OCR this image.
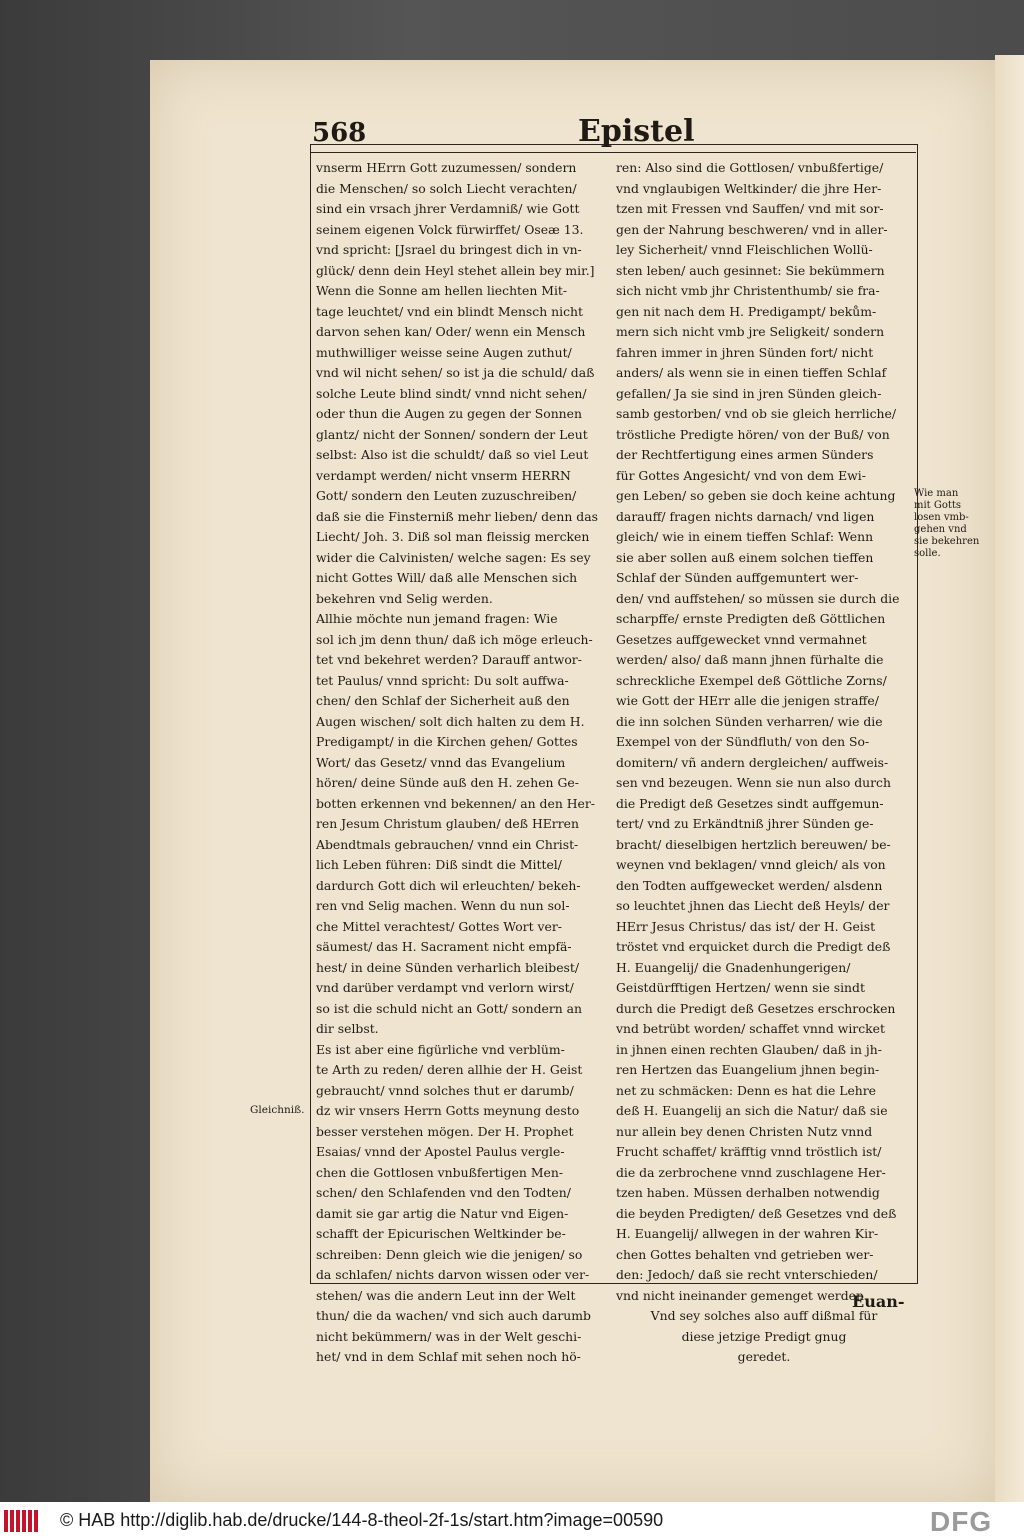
568	Epistel

vnserm HErrn Gott zuzumessen/ sondern

die Menschen/ so solch Liecht verachten/

sind ein vrsach jhrer Verdamniß/ wie Gott

seinem eigenen Volck fürwirffet/ Oseæ 13.

vnd spricht: [Jsrael du bringest dich in vn-

glück/ denn dein Heyl stehet allein bey mir.]

Wenn die Sonne am hellen liechten Mit-

tage leuchtet/ vnd ein blindt Mensch nicht

darvon sehen kan/ Oder/ wenn ein Mensch

muthwilliger weisse seine Augen zuthut/

vnd wil nicht sehen/ so ist ja die schuld/ daß

solche Leute blind sindt/ vnnd nicht sehen/

oder thun die Augen zu gegen der Sonnen

glantz/ nicht der Sonnen/ sondern der Leut

selbst: Also ist die schuldt/ daß so viel Leut

verdampt werden/ nicht vnserm HERRN

Gott/ sondern den Leuten zuzuschreiben/

daß sie die Finsterniß mehr lieben/ denn das

Liecht/ Joh. 3. Diß sol man fleissig mercken

wider die Calvinisten/ welche sagen: Es sey

nicht Gottes Will/ daß alle Menschen sich

bekehren vnd Selig werden.

Allhie möchte nun jemand fragen: Wie

sol ich jm denn thun/ daß ich möge erleuch-

tet vnd bekehret werden? Darauff antwor-

tet Paulus/ vnnd spricht: Du solt auffwa-

chen/ den Schlaf der Sicherheit auß den

Augen wischen/ solt dich halten zu dem H.

Predigampt/ in die Kirchen gehen/ Gottes

Wort/ das Gesetz/ vnnd das Evangelium

hören/ deine Sünde auß den H. zehen Ge-

botten erkennen vnd bekennen/ an den Her-

ren Jesum Christum glauben/ deß HErren

Abendtmals gebrauchen/ vnnd ein Christ-

lich Leben führen: Diß sindt die Mittel/

dardurch Gott dich wil erleuchten/ bekeh-

ren vnd Selig machen. Wenn du nun sol-

che Mittel verachtest/ Gottes Wort ver-

säumest/ das H. Sacrament nicht empfä-

hest/ in deine Sünden verharlich bleibest/

vnd darüber verdampt vnd verlorn wirst/

so ist die schuld nicht an Gott/ sondern an

dir selbst.

Es ist aber eine figürliche vnd verblüm-

te Arth zu reden/ deren allhie der H. Geist

gebraucht/ vnnd solches thut er darumb/

dz wir vnsers Herrn Gotts meynung desto

besser verstehen mögen. Der H. Prophet

Esaias/ vnnd der Apostel Paulus vergle-

chen die Gottlosen vnbußfertigen Men-

schen/ den Schlafenden vnd den Todten/

damit sie gar artig die Natur vnd Eigen-

schafft der Epicurischen Weltkinder be-

schreiben: Denn gleich wie die jenigen/ so

da schlafen/ nichts darvon wissen oder ver-

stehen/ was die andern Leut inn der Welt

thun/ die da wachen/ vnd sich auch darumb

nicht bekümmern/ was in der Welt geschi-

het/ vnd in dem Schlaf mit sehen noch hö-

ren: Also sind die Gottlosen/ vnbußfertige/

vnd vnglaubigen Weltkinder/ die jhre Her-

tzen mit Fressen vnd Sauffen/ vnd mit sor-

gen der Nahrung beschweren/ vnd in aller-

ley Sicherheit/ vnnd Fleischlichen Wollü-

sten leben/ auch gesinnet: Sie bekümmern

sich nicht vmb jhr Christenthumb/ sie fra-

gen nit nach dem H. Predigampt/ bekům-

mern sich nicht vmb jre Seligkeit/ sondern

fahren immer in jhren Sünden fort/ nicht

anders/ als wenn sie in einen tieffen Schlaf

gefallen/ Ja sie sind in jren Sünden gleich-

samb gestorben/ vnd ob sie gleich herrliche/

tröstliche Predigte hören/ von der Buß/ von

der Rechtfertigung eines armen Sünders

für Gottes Angesicht/ vnd von dem Ewi-

gen Leben/ so geben sie doch keine achtung

darauff/ fragen nichts darnach/ vnd ligen

gleich/ wie in einem tieffen Schlaf: Wenn

sie aber sollen auß einem solchen tieffen

Schlaf der Sünden auffgemuntert wer-

den/ vnd auffstehen/ so müssen sie durch die

scharpffe/ ernste Predigten deß Göttlichen

Gesetzes auffgewecket vnnd vermahnet

werden/ also/ daß mann jhnen fürhalte die

schreckliche Exempel deß Göttliche Zorns/

wie Gott der HErr alle die jenigen straffe/

die inn solchen Sünden verharren/ wie die

Exempel von der Sündfluth/ von den So-

domitern/ vñ andern dergleichen/ auffweis-

sen vnd bezeugen. Wenn sie nun also durch

die Predigt deß Gesetzes sindt auffgemun-

tert/ vnd zu Erkändtniß jhrer Sünden ge-

bracht/ dieselbigen hertzlich bereuwen/ be-

weynen vnd beklagen/ vnnd gleich/ als von

den Todten auffgewecket werden/ alsdenn

so leuchtet jhnen das Liecht deß Heyls/ der

HErr Jesus Christus/ das ist/ der H. Geist

tröstet vnd erquicket durch die Predigt deß

H. Euangelij/ die Gnadenhungerigen/

Geistdürfftigen Hertzen/ wenn sie sindt

durch die Predigt deß Gesetzes erschrocken

vnd betrübt worden/ schaffet vnnd wircket

in jhnen einen rechten Glauben/ daß in jh-

ren Hertzen das Euangelium jhnen begin-

net zu schmäcken: Denn es hat die Lehre

deß H. Euangelij an sich die Natur/ daß sie

nur allein bey denen Christen Nutz vnnd

Frucht schaffet/ kräfftig vnnd tröstlich ist/

die da zerbrochene vnnd zuschlagene Her-

tzen haben. Müssen derhalben notwendig

die beyden Predigten/ deß Gesetzes vnd deß

H. Euangelij/ allwegen in der wahren Kir-

chen Gottes behalten vnd getrieben wer-

den: Jedoch/ daß sie recht vnterschieden/

vnd nicht ineinander gemenget werden.

Vnd sey solches also auff dißmal für

diese jetzige Predigt gnug

geredet.

Wie man
mit Gotts
losen vmb-
gehen vnd
sie bekehren
solle.
Gleichniß.
Euan-
© HAB http://diglib.hab.de/drucke/144-8-theol-2f-1s/start.htm?image=00590	DFG
